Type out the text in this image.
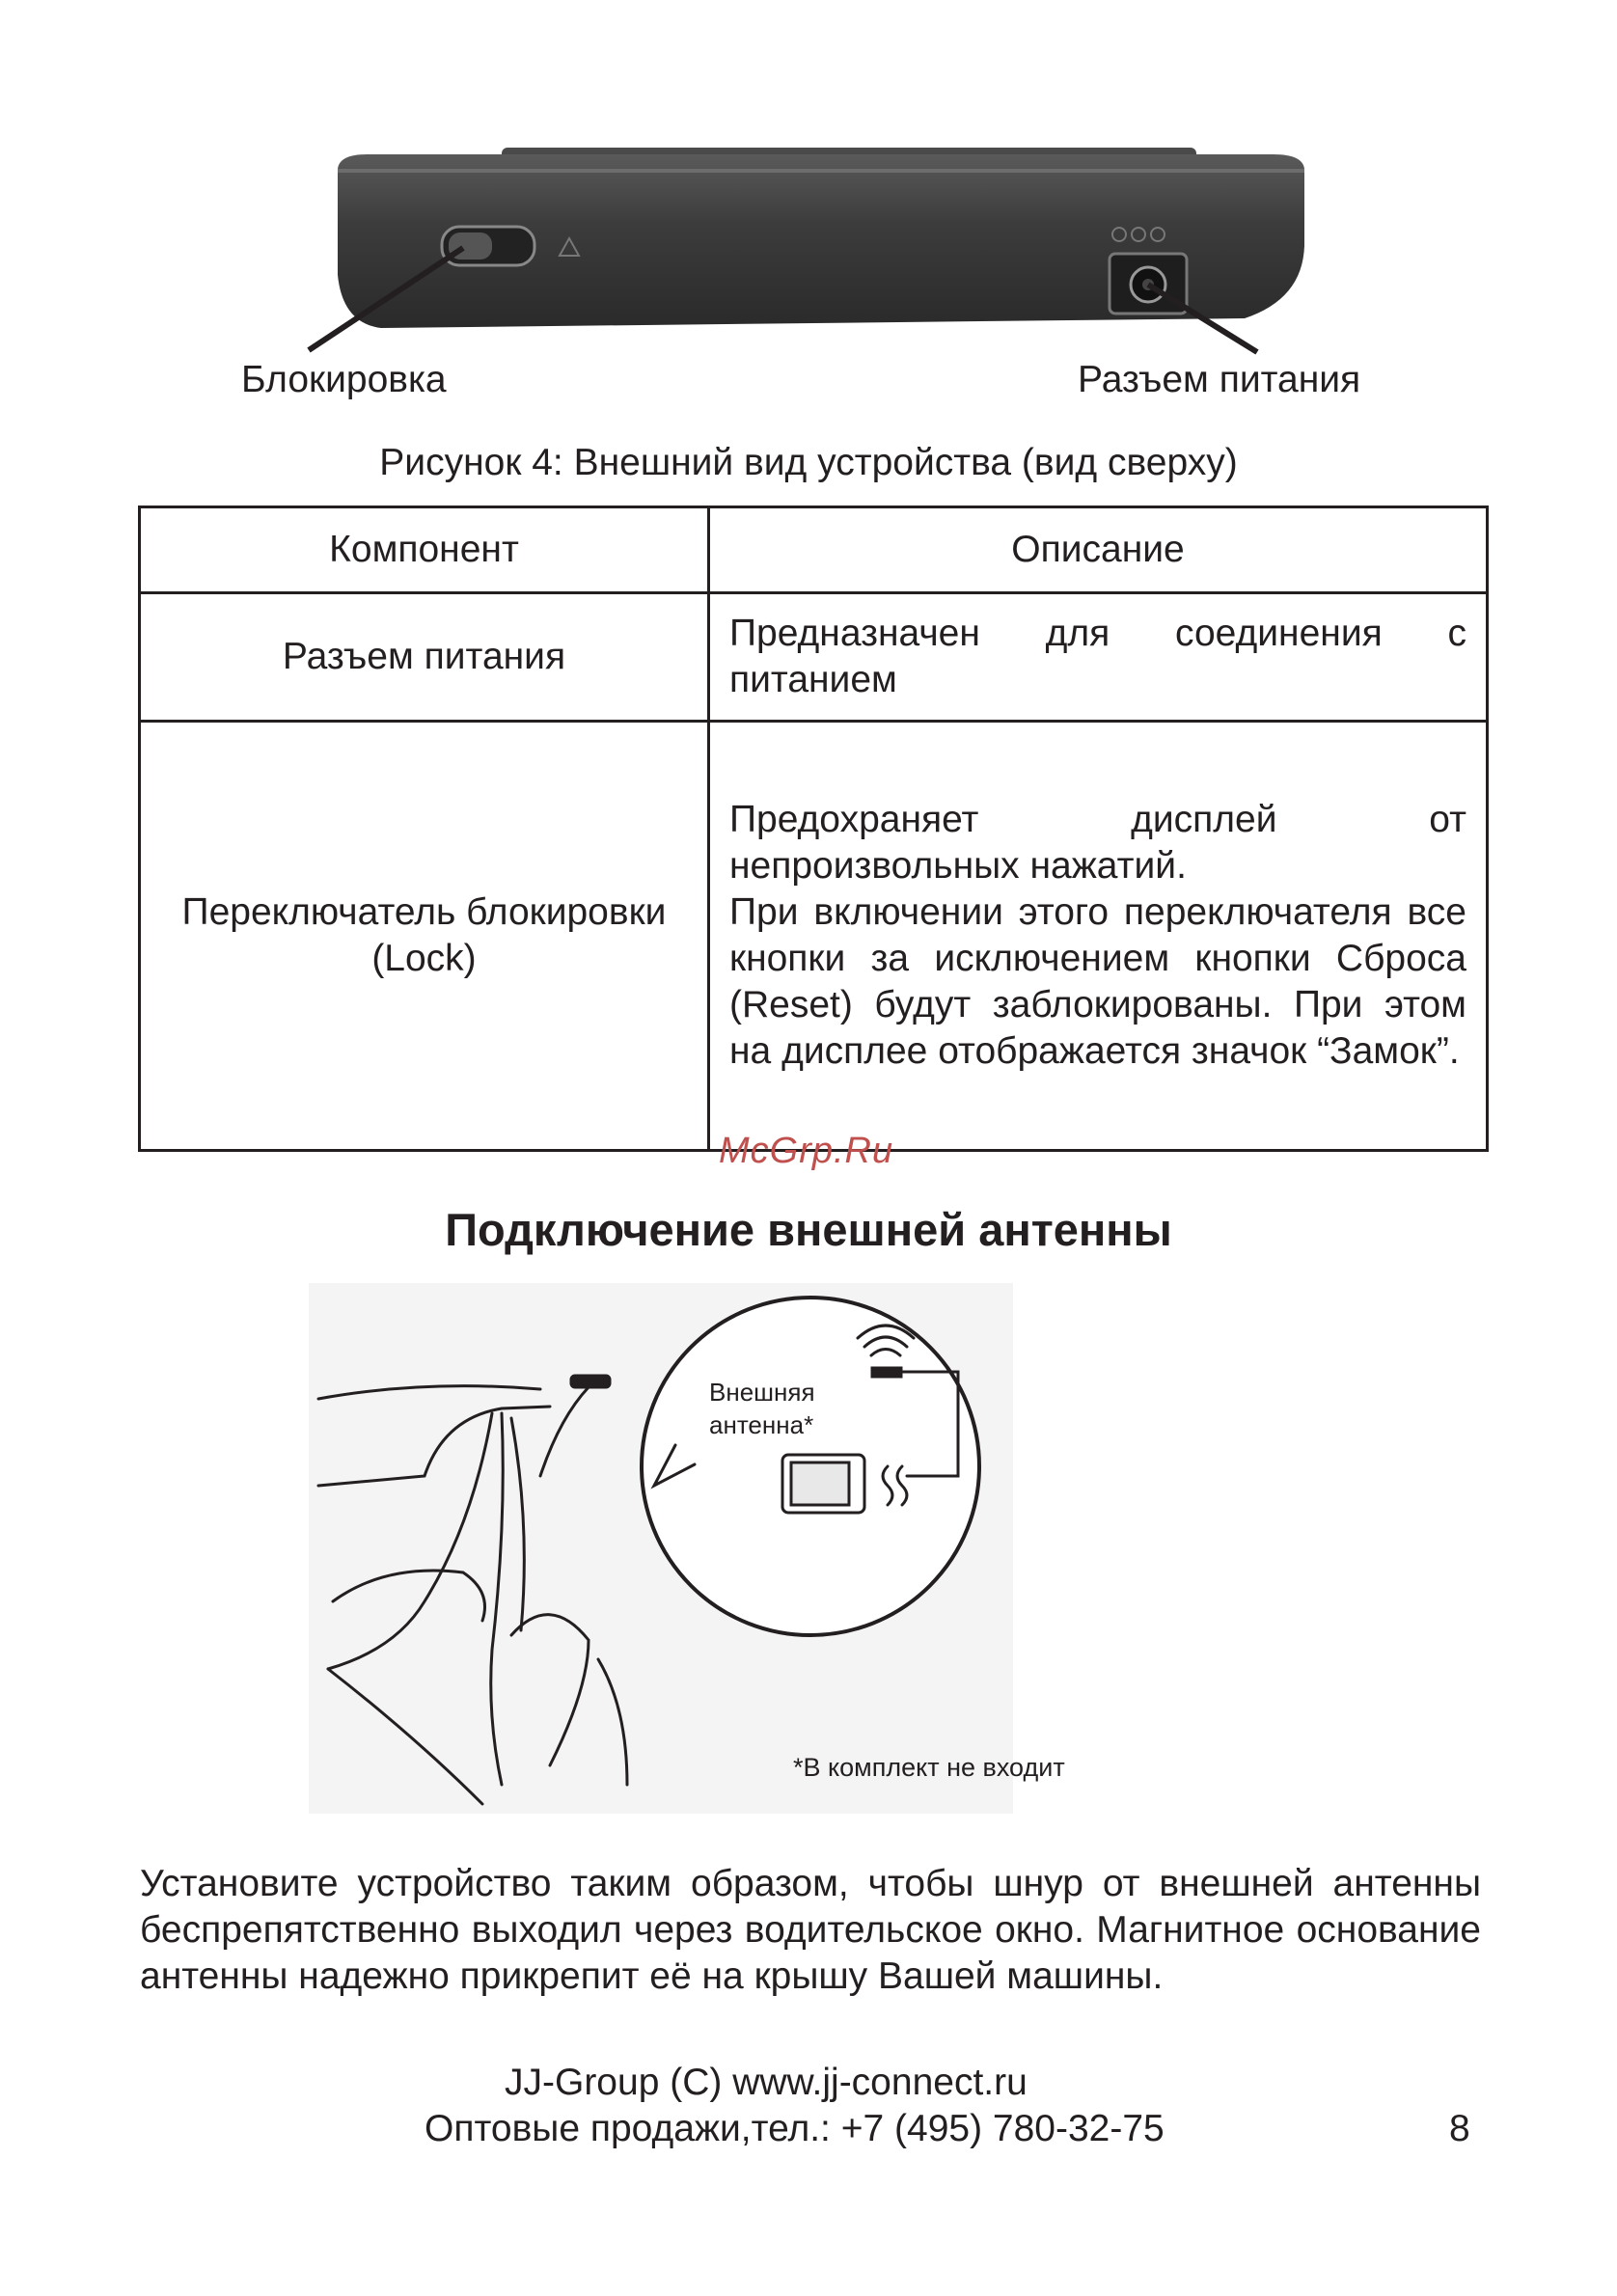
Блокировка	Разъем питания
Рисунок 4: Внешний вид устройства (вид сверху)
Компонент	Описание

Разъем питания	Предназначен для соединения с питанием

Переключатель блокировки (Lock)	Предохраняет дисплей от непроизвольных нажатий.

При включении этого переключателя все кнопки за исключением кнопки Сброса (Reset) будут заблокированы. При этом на дисплее отображается значок “Замок”.

McGrp.Ru
Подключение внешней антенны
Внешняя
антенна*
*В комплект не входит

Установите устройство таким образом, чтобы шнур от внешней антенны беспрепятственно выходил через водительское окно. Магнитное основание антенны надежно прикрепит её на крышу Вашей машины.

JJ-Group (C) www.jj-connect.ru
Оптовые продажи,тел.: +7 (495) 780-32-75	8
